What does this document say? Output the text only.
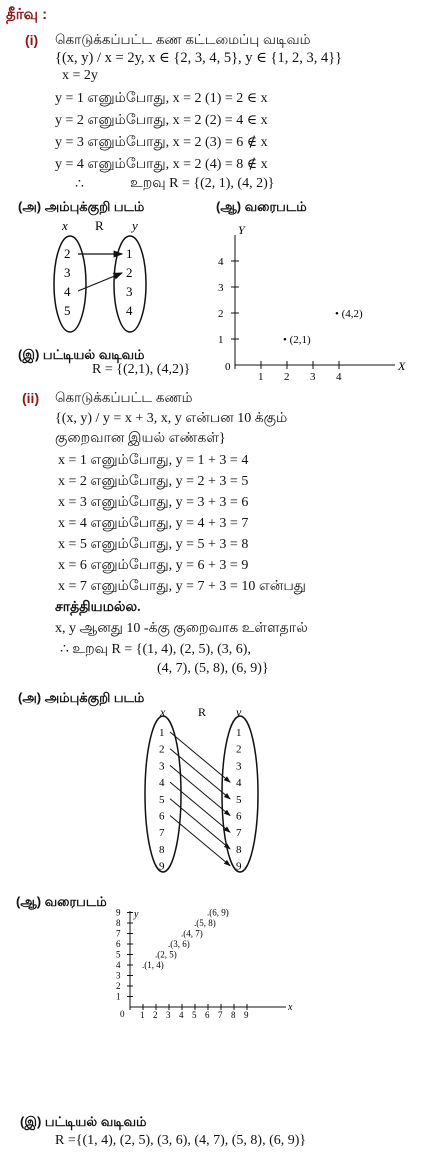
தீர்வு :
(i) கொடுக்கப்பட்ட கண கட்டமைப்பு வடிவம்
{(x, y) / x = 2y, x ∈ {2, 3, 4, 5}, y ∈ {1, 2, 3, 4}}
x = 2y
y = 1 எனும்போது, x = 2 (1) = 2 ∈ x
y = 2 எனும்போது, x = 2 (2) = 4 ∈ x
y = 3 எனும்போது, x = 2 (3) = 6 ∉ x
y = 4 எனும்போது, x = 2 (4) = 8 ∉ x
∴	உறவு R = {(2, 1), (4, 2)}
(அ) அம்புக்குறி படம்	(ஆ) வரைபடம்
x R y
2
3
4
5
1
2
3
4
Y
X
0
1 2 3 4
1
2
3
4
• (2,1)
• (4,2)
(இ) பட்டியல் வடிவம்
R = {(2,1), (4,2)}
(ii) கொடுக்கப்பட்ட கணம்
{(x, y) / y = x + 3, x, y என்பன 10 க்கும்
குறைவான இயல் எண்கள்}
x = 1 எனும்போது, y = 1 + 3 = 4
x = 2 எனும்போது, y = 2 + 3 = 5
x = 3 எனும்போது, y = 3 + 3 = 6
x = 4 எனும்போது, y = 4 + 3 = 7
x = 5 எனும்போது, y = 5 + 3 = 8
x = 6 எனும்போது, y = 6 + 3 = 9
x = 7 எனும்போது, y = 7 + 3 = 10 என்பது
சாத்தியமல்ல.
x, y ஆனது 10 -க்கு குறைவாக உள்ளதால்
∴ உறவு R = {(1, 4), (2, 5), (3, 6),
(4, 7), (5, 8), (6, 9)}
(அ) அம்புக்குறி படம்
x	R y
1
2
3
4
5
6
7
8
9
1
2
3
4
5
6
7
8
9
(ஆ) வரைபடம்
y
x
0 1 2 3 4 5 6 7 8 9
1
2
3
4
5
6
7
8
9
.(1, 4)
.(2, 5)
.(3, 6)
.(4, 7)
.(5, 8)
.(6, 9)
(இ) பட்டியல் வடிவம்
R ={(1, 4), (2, 5), (3, 6), (4, 7), (5, 8), (6, 9)}
